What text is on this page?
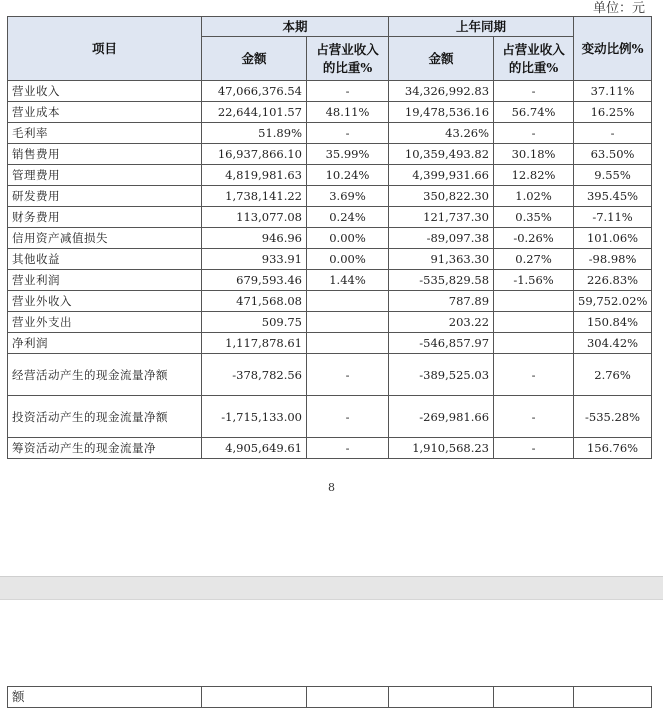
单位：元
项目	本期		上年同期		变动比例%
	金额	占营业收入的比重%	金额	占营业收入的比重%	
营业收入	47,066,376.54	-	34,326,992.83	-	37.11%
营业成本	22,644,101.57	48.11%	19,478,536.16	56.74%	16.25%
毛利率	51.89%	-	43.26%	-	-
销售费用	16,937,866.10	35.99%	10,359,493.82	30.18%	63.50%
管理费用	4,819,981.63	10.24%	4,399,931.66	12.82%	9.55%
研发费用	1,738,141.22	3.69%	350,822.30	1.02%	395.45%
财务费用	113,077.08	0.24%	121,737.30	0.35%	-7.11%
信用资产减值损失	946.96	0.00%	-89,097.38	-0.26%	101.06%
其他收益	933.91	0.00%	91,363.30	0.27%	-98.98%
营业利润	679,593.46	1.44%	-535,829.58	-1.56%	226.83%
营业外收入	471,568.08		787.89		59,752.02%
营业外支出	509.75		203.22		150.84%
净利润	1,117,878.61		-546,857.97		304.42%
经营活动产生的现金流量净额	-378,782.56	-	-389,525.03	-	2.76%
投资活动产生的现金流量净额	-1,715,133.00	-	-269,981.66	-	-535.28%
筹资活动产生的现金流量净	4,905,649.61	-	1,910,568.23	-	156.76%
8
额					
